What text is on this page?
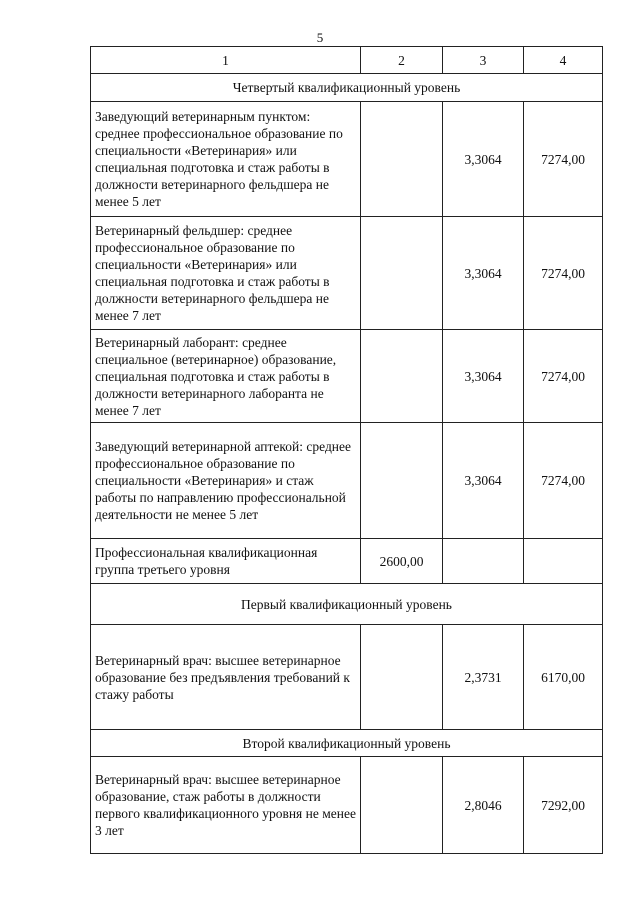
5
1	2	3	4
Четвертый квалификационный уровень			
Заведующий ветеринарным пунктом: среднее профессиональное образование по специальности «Ветеринария» или специальная подготовка и стаж работы в должности ветеринарного фельдшера не менее 5 лет		3,3064	7274,00
Ветеринарный фельдшер: среднее профессиональное образование по специальности «Ветеринария» или специальная подготовка и стаж работы в должности ветеринарного фельдшера не менее 7 лет		3,3064	7274,00
Ветеринарный лаборант: среднее специальное (ветеринарное) образование, специальная подготовка и стаж работы в должности ветеринарного лаборанта не менее 7 лет		3,3064	7274,00
Заведующий ветеринарной аптекой: среднее профессиональное образование по специальности «Ветеринария» и стаж работы по направлению профессиональной деятельности не менее 5 лет		3,3064	7274,00
Профессиональная квалификационная группа третьего уровня	2600,00		
Первый квалификационный уровень			
Ветеринарный врач: высшее ветеринарное образование без предъявления требований к стажу работы		2,3731	6170,00
Второй квалификационный уровень			
Ветеринарный врач: высшее ветеринарное образование, стаж работы в должности первого квалификационного уровня не менее 3 лет		2,8046	7292,00
